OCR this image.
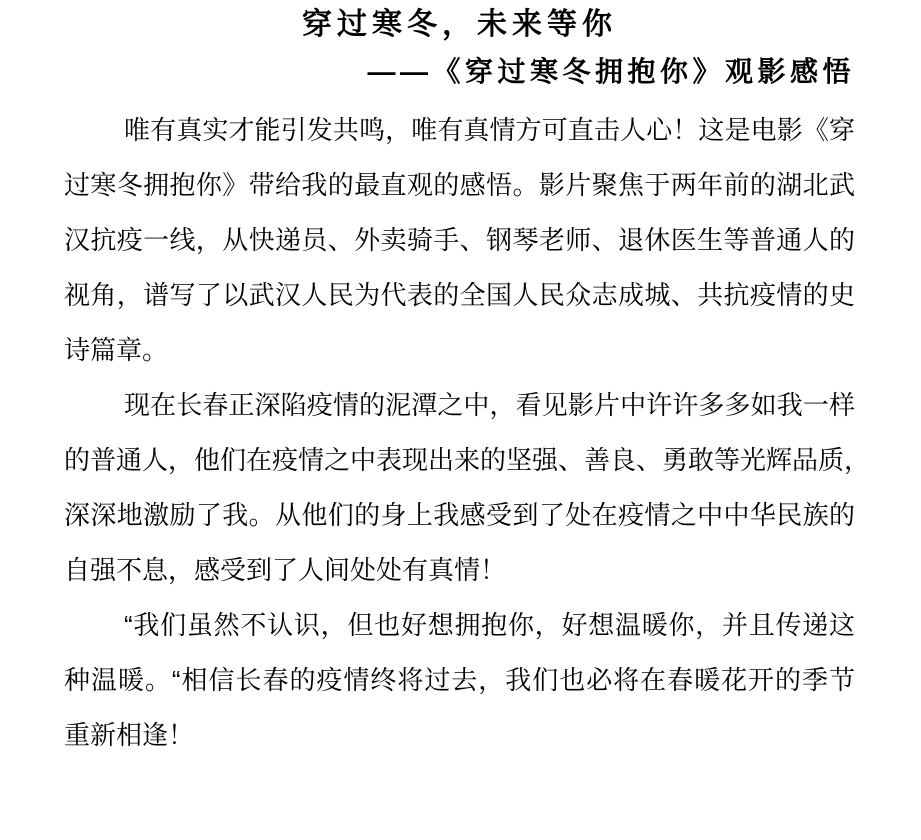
穿过寒冬，未来等你
——《穿过寒冬拥抱你》观影感悟
唯有真实才能引发共鸣，唯有真情方可直击人心！这是电影《穿
过寒冬拥抱你》带给我的最直观的感悟。影片聚焦于两年前的湖北武
汉抗疫一线，从快递员、外卖骑手、钢琴老师、退休医生等普通人的
视角，谱写了以武汉人民为代表的全国人民众志成城、共抗疫情的史
诗篇章。
现在长春正深陷疫情的泥潭之中，看见影片中许许多多如我一样
的普通人，他们在疫情之中表现出来的坚强、善良、勇敢等光辉品质，
深深地激励了我。从他们的身上我感受到了处在疫情之中中华民族的
自强不息，感受到了人间处处有真情！
“我们虽然不认识，但也好想拥抱你，好想温暖你，并且传递这
种温暖。“相信长春的疫情终将过去，我们也必将在春暖花开的季节
重新相逢！
